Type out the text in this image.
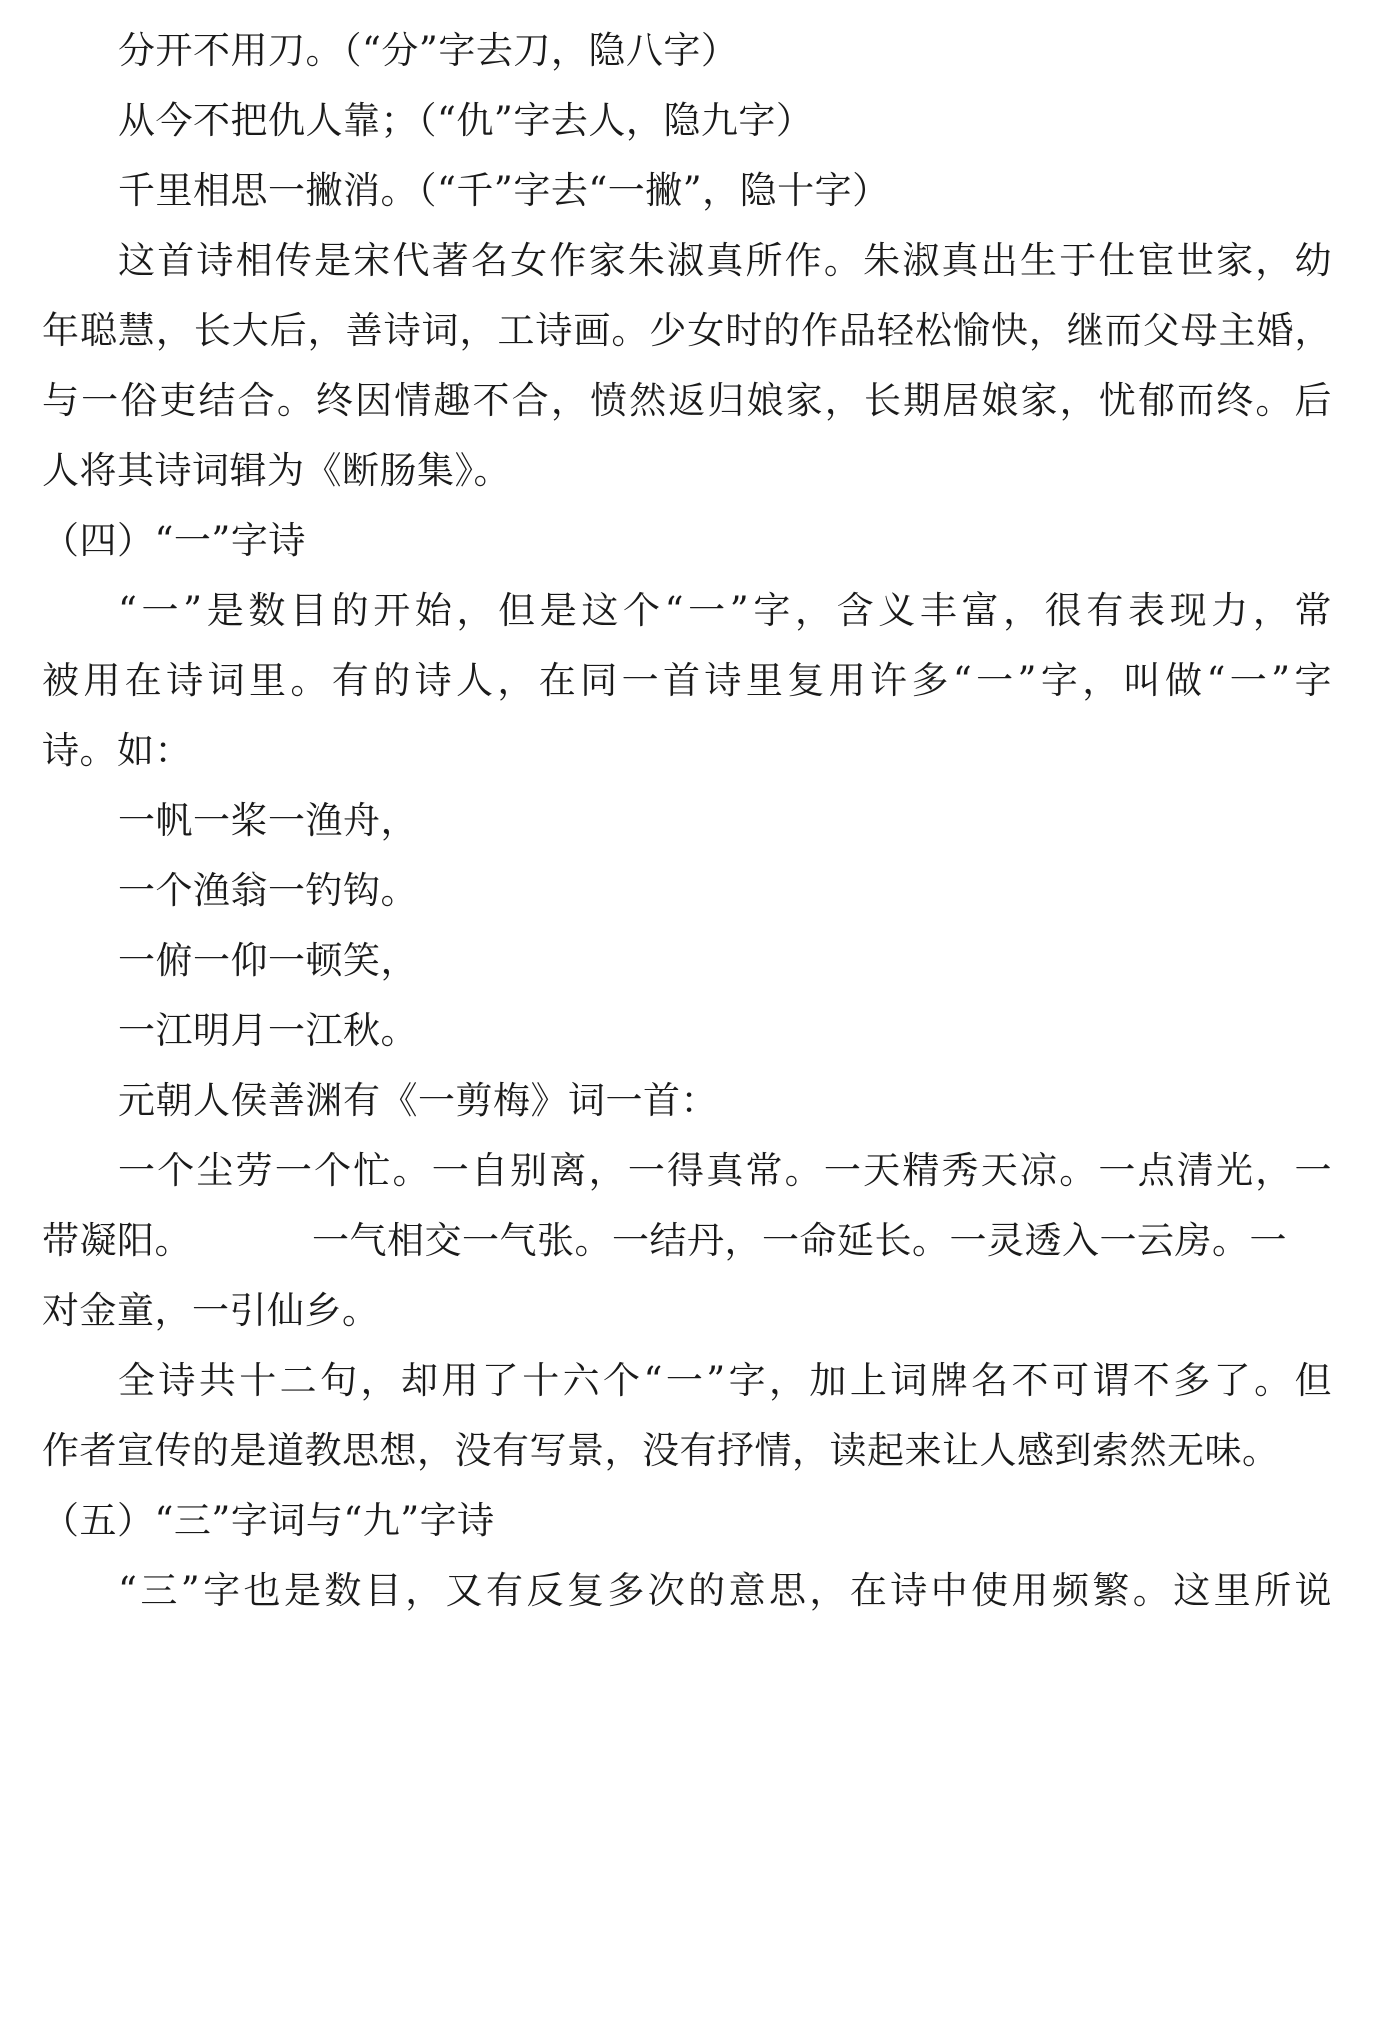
分开不用刀。（“分”字去刀，隐八字）
从今不把仇人靠；（“仇”字去人，隐九字）
千里相思一撇消。（“千”字去“一撇”，隐十字）
这首诗相传是宋代著名女作家朱淑真所作。朱淑真出生于仕宦世家，幼
年聪慧，长大后，善诗词，工诗画。少女时的作品轻松愉快，继而父母主婚，
与一俗吏结合。终因情趣不合，愤然返归娘家，长期居娘家，忧郁而终。后
人将其诗词辑为《断肠集》。
（四）“一”字诗
“一”是数目的开始，但是这个“一”字，含义丰富，很有表现力，常
被用在诗词里。有的诗人，在同一首诗里复用许多“一”字，叫做“一”字
诗。如：
一帆一桨一渔舟，
一个渔翁一钓钩。
一俯一仰一顿笑，
一江明月一江秋。
元朝人侯善渊有《一剪梅》词一首：
一个尘劳一个忙。一自别离，一得真常。一天精秀天凉。一点清光，一
带凝阳。	一气相交一气张。一结丹，一命延长。一灵透入一云房。一
对金童，一引仙乡。
全诗共十二句，却用了十六个“一”字，加上词牌名不可谓不多了。但
作者宣传的是道教思想，没有写景，没有抒情，读起来让人感到索然无味。
（五）“三”字词与“九”字诗
“三”字也是数目，又有反复多次的意思，在诗中使用频繁。这里所说
